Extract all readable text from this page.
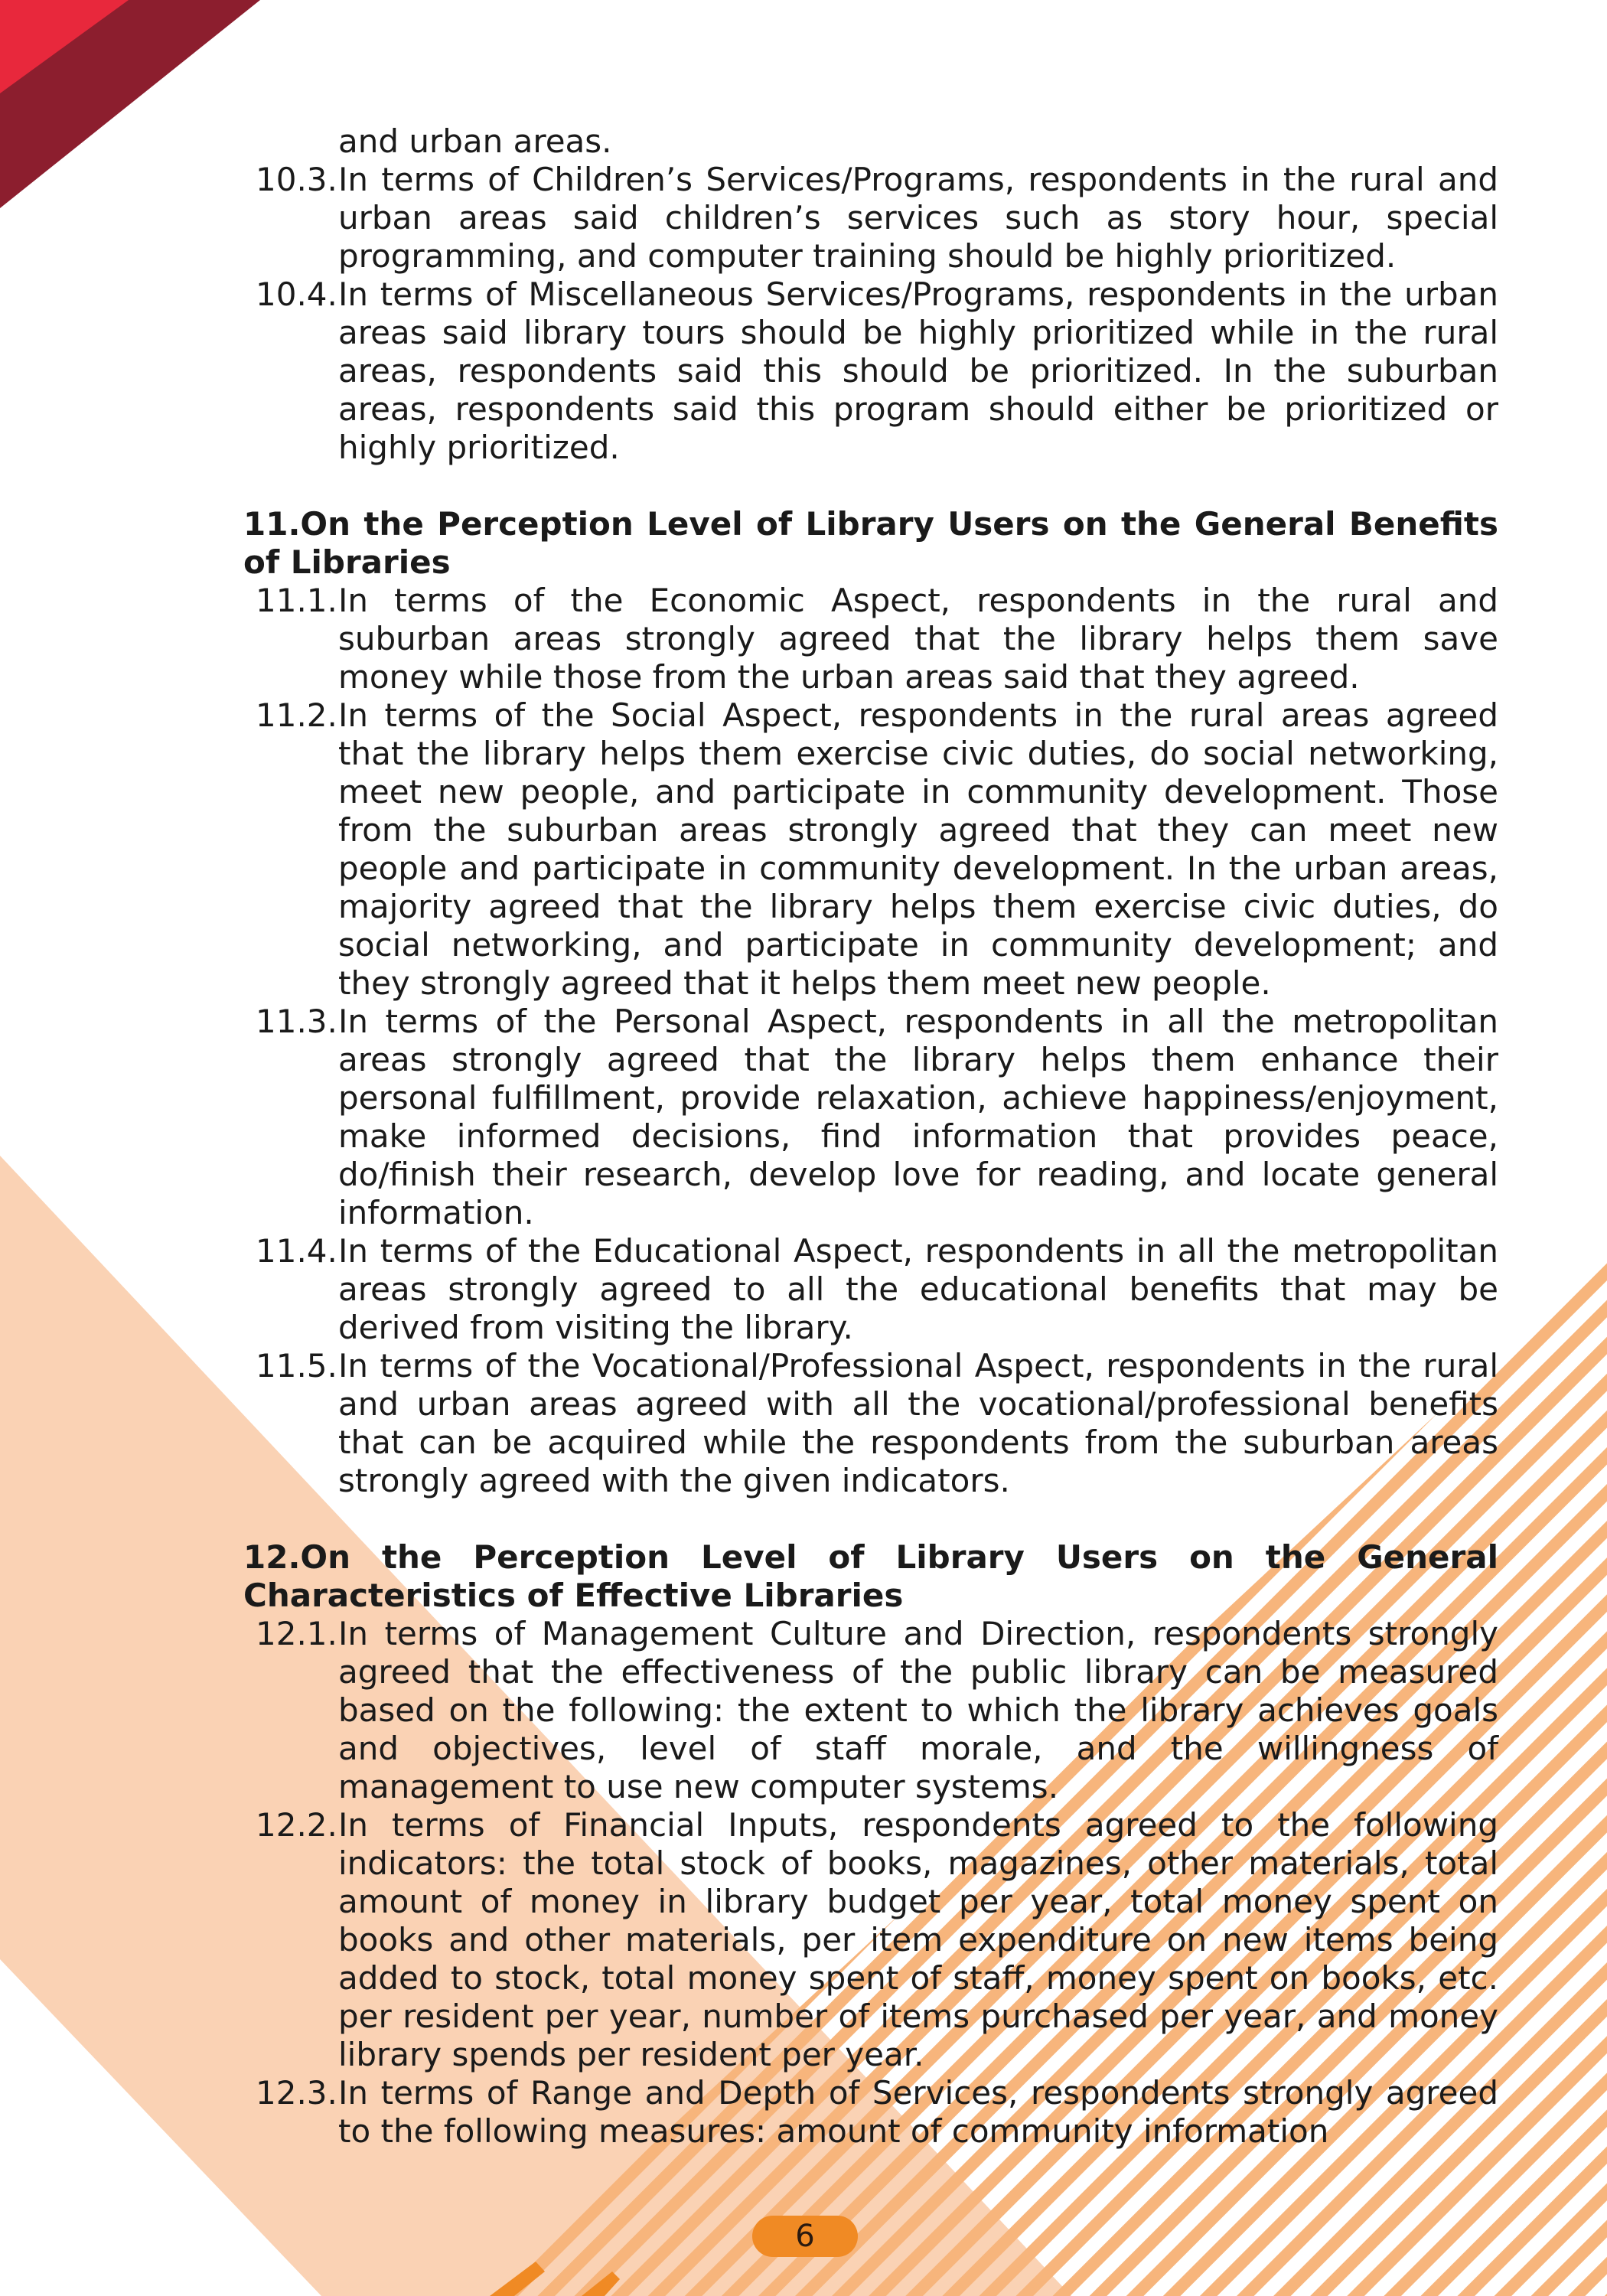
and urban areas.
10.3. In terms of Children’s Services/Programs, respondents in the rural and urban areas said children’s services such as story hour, special programming, and computer training should be highly prioritized.
10.4. In terms of Miscellaneous Services/Programs, respondents in the urban areas said library tours should be highly prioritized while in the rural areas, respondents said this should be prioritized. In the suburban areas, respondents said this program should either be prioritized or highly prioritized.
11.On the Perception Level of Library Users on the General Benefits of Libraries
11.1. In terms of the Economic Aspect, respondents in the rural and suburban areas strongly agreed that the library helps them save money while those from the urban areas said that they agreed.
11.2. In terms of the Social Aspect, respondents in the rural areas agreed that the library helps them exercise civic duties, do social networking, meet new people, and participate in community development. Those from the suburban areas strongly agreed that they can meet new people and participate in community development. In the urban areas, majority agreed that the library helps them exercise civic duties, do social networking, and participate in community development; and they strongly agreed that it helps them meet new people.
11.3. In terms of the Personal Aspect, respondents in all the metropolitan areas strongly agreed that the library helps them enhance their personal fulfillment, provide relaxation, achieve happiness/enjoyment, make informed decisions, find information that provides peace, do/finish their research, develop love for reading, and locate general information.
11.4. In terms of the Educational Aspect, respondents in all the metropolitan areas strongly agreed to all the educational benefits that may be derived from visiting the library.
11.5. In terms of the Vocational/Professional Aspect, respondents in the rural and urban areas agreed with all the vocational/professional benefits that can be acquired while the respondents from the suburban areas strongly agreed with the given indicators.
12.On the Perception Level of Library Users on the General Characteristics of Effective Libraries
12.1. In terms of Management Culture and Direction, respondents strongly agreed that the effectiveness of the public library can be measured based on the following: the extent to which the library achieves goals and objectives, level of staff morale, and the willingness of management to use new computer systems.
12.2. In terms of Financial Inputs, respondents agreed to the following indicators: the total stock of books, magazines, other materials, total amount of money in library budget per year, total money spent on books and other materials, per item expenditure on new items being added to stock, total money spent of staff, money spent on books, etc. per resident per year, number of items purchased per year, and money library spends per resident per year.
12.3. In terms of Range and Depth of Services, respondents strongly agreed to the following measures: amount of community information
6
